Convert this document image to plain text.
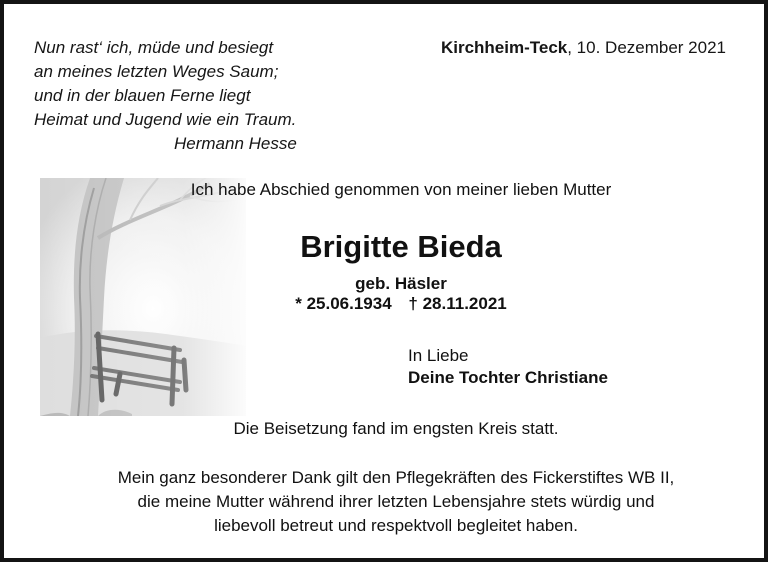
Nun rast‘ ich, müde und besiegt
an meines letzten Weges Saum;
und in der blauen Ferne liegt
Heimat und Jugend wie ein Traum.
Hermann Hesse
Kirchheim-Teck, 10. Dezember 2021
Ich habe Abschied genommen von meiner lieben Mutter
Brigitte Bieda
geb. Häsler
* 25.06.1934 † 28.11.2021
In Liebe
Deine Tochter Christiane
Die Beisetzung fand im engsten Kreis statt.
Mein ganz besonderer Dank gilt den Pflegekräften des Fickerstiftes WB II,
die meine Mutter während ihrer letzten Lebensjahre stets würdig und
liebevoll betreut und respektvoll begleitet haben.
